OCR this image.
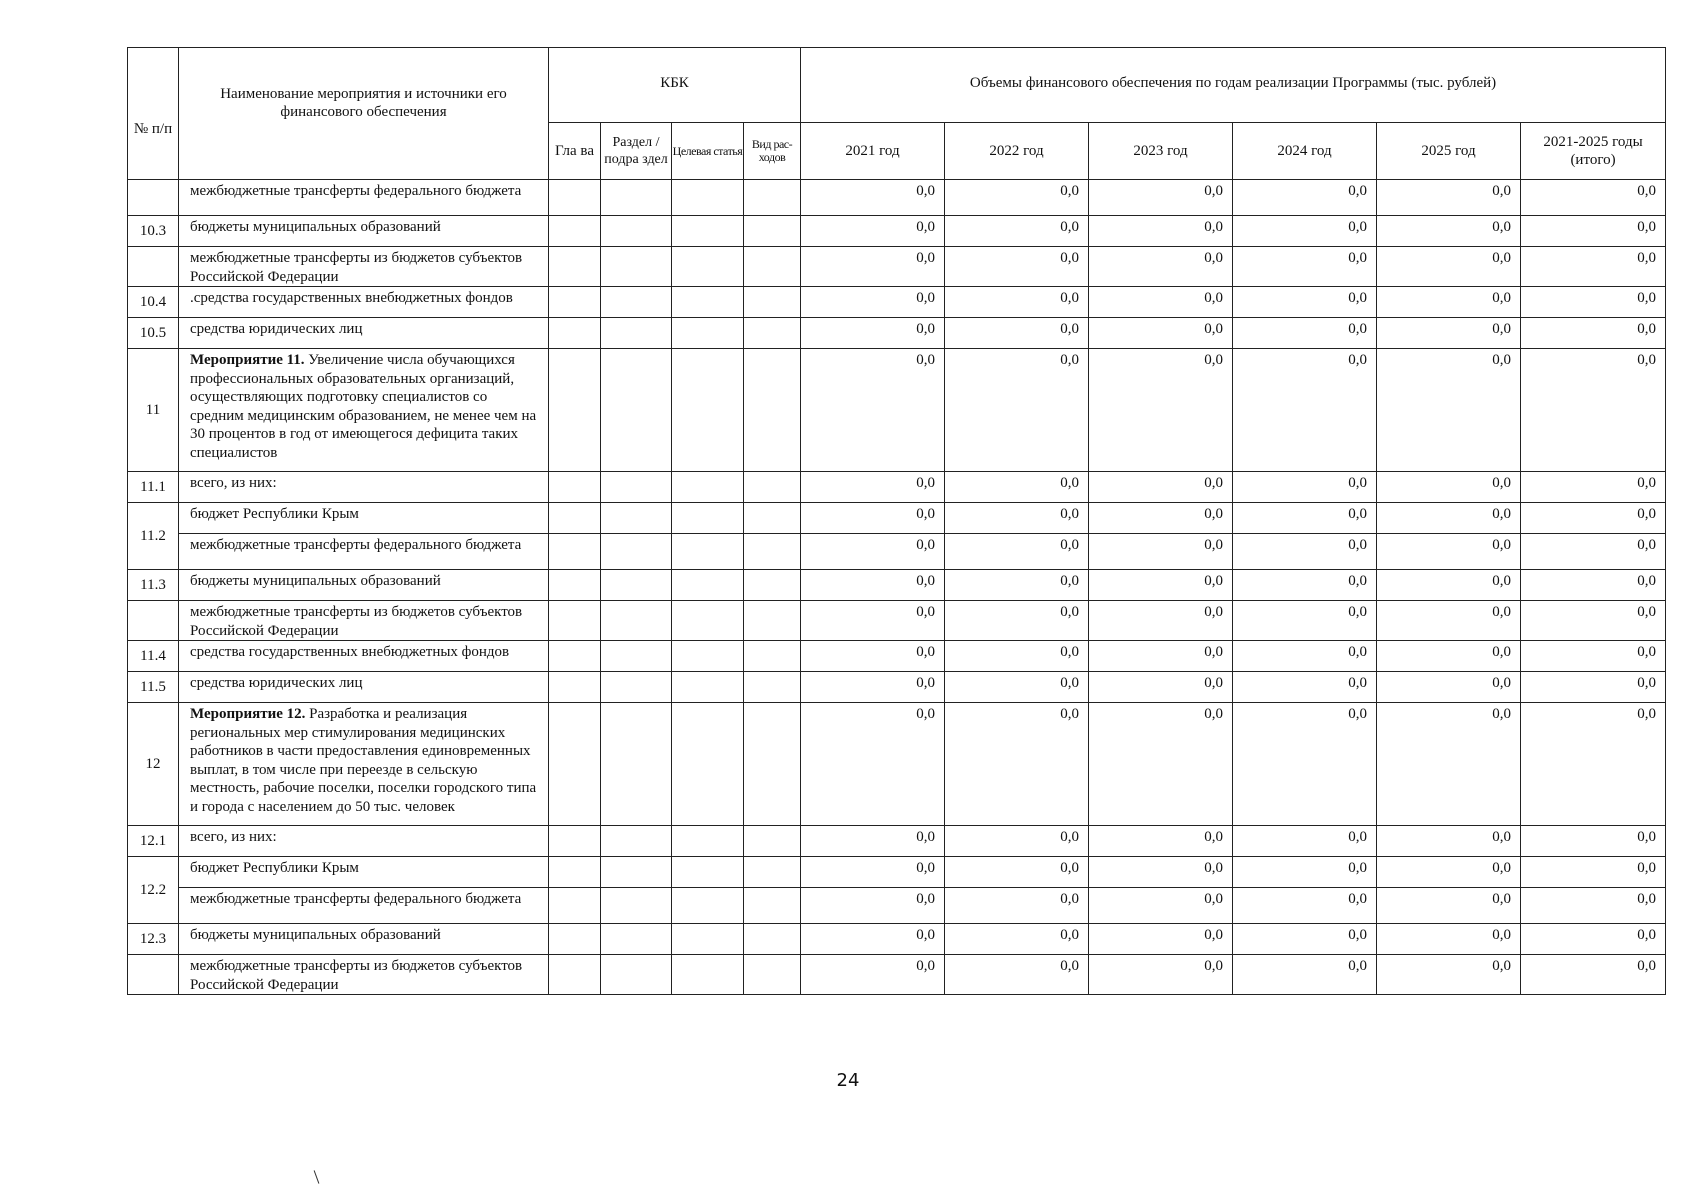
№ п/п	Наименование мероприятия и источники его финансового обеспечения	КБК				Объемы финансового обеспечения по годам реализации Программы (тыс. рублей)					
		Гла ва	Раздел /подра здел	Целевая статья	Вид рас- ходов	2021 год	2022 год	2023 год	2024 год	2025 год	2021-2025 годы (итого)
	межбюджетные трансферты федерального бюджета					0,0	0,0	0,0	0,0	0,0	0,0
10.3	бюджеты муниципальных образований					0,0	0,0	0,0	0,0	0,0	0,0
	межбюджетные трансферты из бюджетов субъектов Российской Федерации					0,0	0,0	0,0	0,0	0,0	0,0
10.4	.средства государственных внебюджетных фондов					0,0	0,0	0,0	0,0	0,0	0,0
10.5	средства юридических лиц					0,0	0,0	0,0	0,0	0,0	0,0
11	Мероприятие 11. Увеличение числа обучающихся профессиональных образовательных организаций, осуществляющих подготовку специалистов со средним медицинским образованием, не менее чем на 30 процентов в год от имеющегося дефицита таких специалистов					0,0	0,0	0,0	0,0	0,0	0,0
11.1	всего, из них:					0,0	0,0	0,0	0,0	0,0	0,0
11.2	бюджет Республики Крым					0,0	0,0	0,0	0,0	0,0	0,0
	межбюджетные трансферты федерального бюджета					0,0	0,0	0,0	0,0	0,0	0,0
11.3	бюджеты муниципальных образований					0,0	0,0	0,0	0,0	0,0	0,0
	межбюджетные трансферты из бюджетов субъектов Российской Федерации					0,0	0,0	0,0	0,0	0,0	0,0
11.4	средства государственных внебюджетных фондов					0,0	0,0	0,0	0,0	0,0	0,0
11.5	средства юридических лиц					0,0	0,0	0,0	0,0	0,0	0,0
12	Мероприятие 12. Разработка и реализация региональных мер стимулирования медицинских работников в части предоставления единовременных выплат, в том числе при переезде в сельскую местность, рабочие поселки, поселки городского типа и города с населением до 50 тыс. человек					0,0	0,0	0,0	0,0	0,0	0,0
12.1	всего, из них:					0,0	0,0	0,0	0,0	0,0	0,0
12.2	бюджет Республики Крым					0,0	0,0	0,0	0,0	0,0	0,0
	межбюджетные трансферты федерального бюджета					0,0	0,0	0,0	0,0	0,0	0,0
12.3	бюджеты муниципальных образований					0,0	0,0	0,0	0,0	0,0	0,0
	межбюджетные трансферты из бюджетов субъектов Российской Федерации					0,0	0,0	0,0	0,0	0,0	0,0
24
